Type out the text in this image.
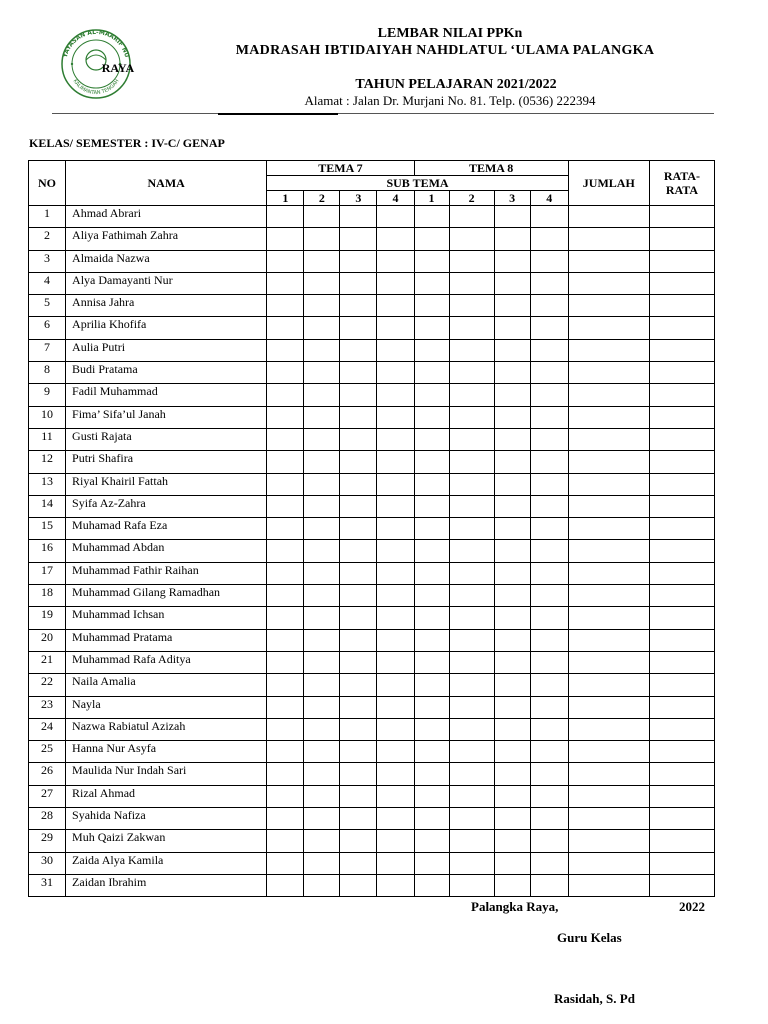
YAYASAN AL-MAARIF NU
KALIMANTAN TENGAH
RAYA
LEMBAR NILAI PPKn
MADRASAH IBTIDAIYAH NAHDLATUL ‘ULAMA PALANGKA
TAHUN PELAJARAN 2021/2022
Alamat : Jalan Dr. Murjani No. 81. Telp. (0536) 222394
KELAS/ SEMESTER : IV-C/ GENAP
NO	NAMA	TEMA 7				TEMA 8				JUMLAH	RATA-
RATA
		SUB TEMA									
		1	2	3	4	1	2	3	4		
1	Ahmad Abrari										
2	Aliya Fathimah Zahra										
3	Almaida Nazwa										
4	Alya Damayanti Nur										
5	Annisa Jahra										
6	Aprilia Khofifa										
7	Aulia Putri										
8	Budi Pratama										
9	Fadil Muhammad										
10	Fima’ Sifa’ul Janah										
11	Gusti Rajata										
12	Putri Shafira										
13	Riyal Khairil Fattah										
14	Syifa Az-Zahra										
15	Muhamad Rafa Eza										
16	Muhammad Abdan										
17	Muhammad Fathir Raihan										
18	Muhammad Gilang Ramadhan										
19	Muhammad Ichsan										
20	Muhammad Pratama										
21	Muhammad Rafa Aditya										
22	Naila Amalia										
23	Nayla										
24	Nazwa Rabiatul Azizah										
25	Hanna Nur Asyfa										
26	Maulida Nur Indah Sari										
27	Rizal Ahmad										
28	Syahida Nafiza										
29	Muh Qaizi Zakwan										
30	Zaida Alya Kamila										
31	Zaidan Ibrahim										
Palangka Raya,	2022
Guru Kelas
Rasidah, S. Pd
